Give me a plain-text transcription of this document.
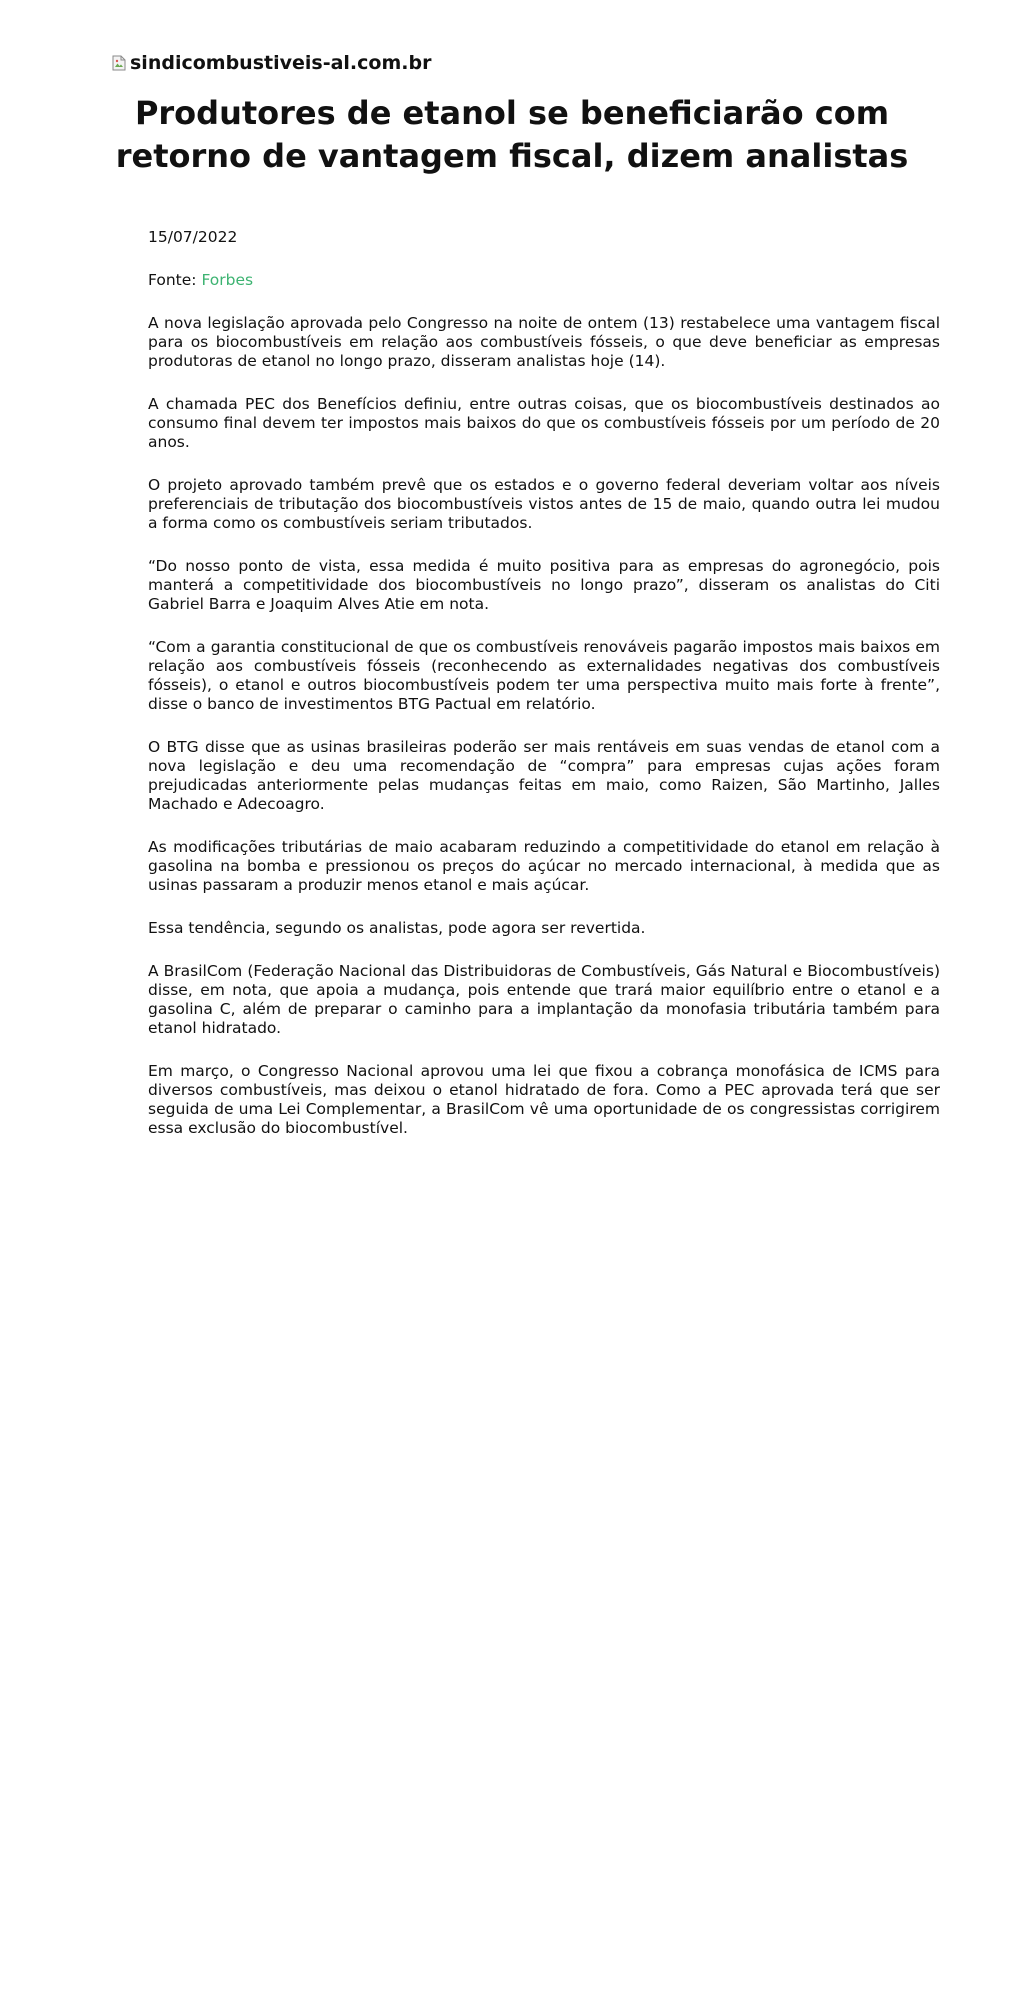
sindicombustiveis-al.com.br
Produtores de etanol se beneficiarão com retorno de vantagem fiscal, dizem analistas

15/07/2022

Fonte: Forbes

A nova legislação aprovada pelo Congresso na noite de ontem (13) restabelece uma vantagem fiscal para os biocombustíveis em relação aos combustíveis fósseis, o que deve beneficiar as empresas produtoras de etanol no longo prazo, disseram analistas hoje (14).

A chamada PEC dos Benefícios definiu, entre outras coisas, que os biocombustíveis destinados ao consumo final devem ter impostos mais baixos do que os combustíveis fósseis por um período de 20 anos.

O projeto aprovado também prevê que os estados e o governo federal deveriam voltar aos níveis preferenciais de tributação dos biocombustíveis vistos antes de 15 de maio, quando outra lei mudou a forma como os combustíveis seriam tributados.

“Do nosso ponto de vista, essa medida é muito positiva para as empresas do agronegócio, pois manterá a competitividade dos biocombustíveis no longo prazo”, disseram os analistas do Citi Gabriel Barra e Joaquim Alves Atie em nota.

“Com a garantia constitucional de que os combustíveis renováveis pagarão impostos mais baixos em relação aos combustíveis fósseis (reconhecendo as externalidades negativas dos combustíveis fósseis), o etanol e outros biocombustíveis podem ter uma perspectiva muito mais forte à frente”, disse o banco de investimentos BTG Pactual em relatório.

O BTG disse que as usinas brasileiras poderão ser mais rentáveis em suas vendas de etanol com a nova legislação e deu uma recomendação de “compra” para empresas cujas ações foram prejudicadas anteriormente pelas mudanças feitas em maio, como Raizen, São Martinho, Jalles Machado e Adecoagro.

As modificações tributárias de maio acabaram reduzindo a competitividade do etanol em relação à gasolina na bomba e pressionou os preços do açúcar no mercado internacional, à medida que as usinas passaram a produzir menos etanol e mais açúcar.

Essa tendência, segundo os analistas, pode agora ser revertida.

A BrasilCom (Federação Nacional das Distribuidoras de Combustíveis, Gás Natural e Biocombustíveis) disse, em nota, que apoia a mudança, pois entende que trará maior equilíbrio entre o etanol e a gasolina C, além de preparar o caminho para a implantação da monofasia tributária também para etanol hidratado.

Em março, o Congresso Nacional aprovou uma lei que fixou a cobrança monofásica de ICMS para diversos combustíveis, mas deixou o etanol hidratado de fora. Como a PEC aprovada terá que ser seguida de uma Lei Complementar, a BrasilCom vê uma oportunidade de os congressistas corrigirem essa exclusão do biocombustível.
